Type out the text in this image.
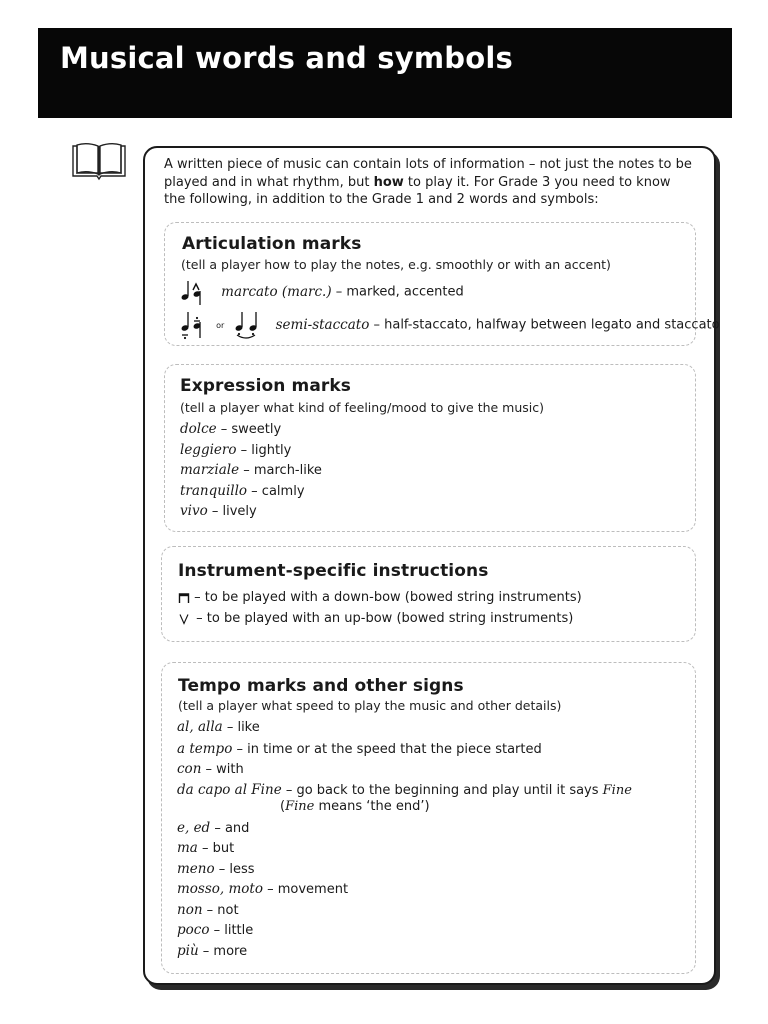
Musical words and symbols

A written piece of music can contain lots of information – not just the notes to be played and in what rhythm, but how to play it. For Grade 3 you need to know the following, in addition to the Grade 1 and 2 words and symbols:

Articulation marks
(tell a player how to play the notes, e.g. smoothly or with an accent)
marcato (marc.) – marked, accented
or	semi-staccato – half-staccato, halfway between legato and staccato
Expression marks
(tell a player what kind of feeling/mood to give the music)
dolce – sweetly
leggiero – lightly
marziale – march-like
tranquillo – calmly
vivo – lively
Instrument-specific instructions
– to be played with a down-bow (bowed string instruments)
– to be played with an up-bow (bowed string instruments)
Tempo marks and other signs
(tell a player what speed to play the music and other details)
al, alla – like
a tempo – in time or at the speed that the piece started
con – with
da capo al Fine – go back to the beginning and play until it says Fine
(Fine means ‘the end’)
e, ed – and
ma – but
meno – less
mosso, moto – movement
non – not
poco – little
più – more
